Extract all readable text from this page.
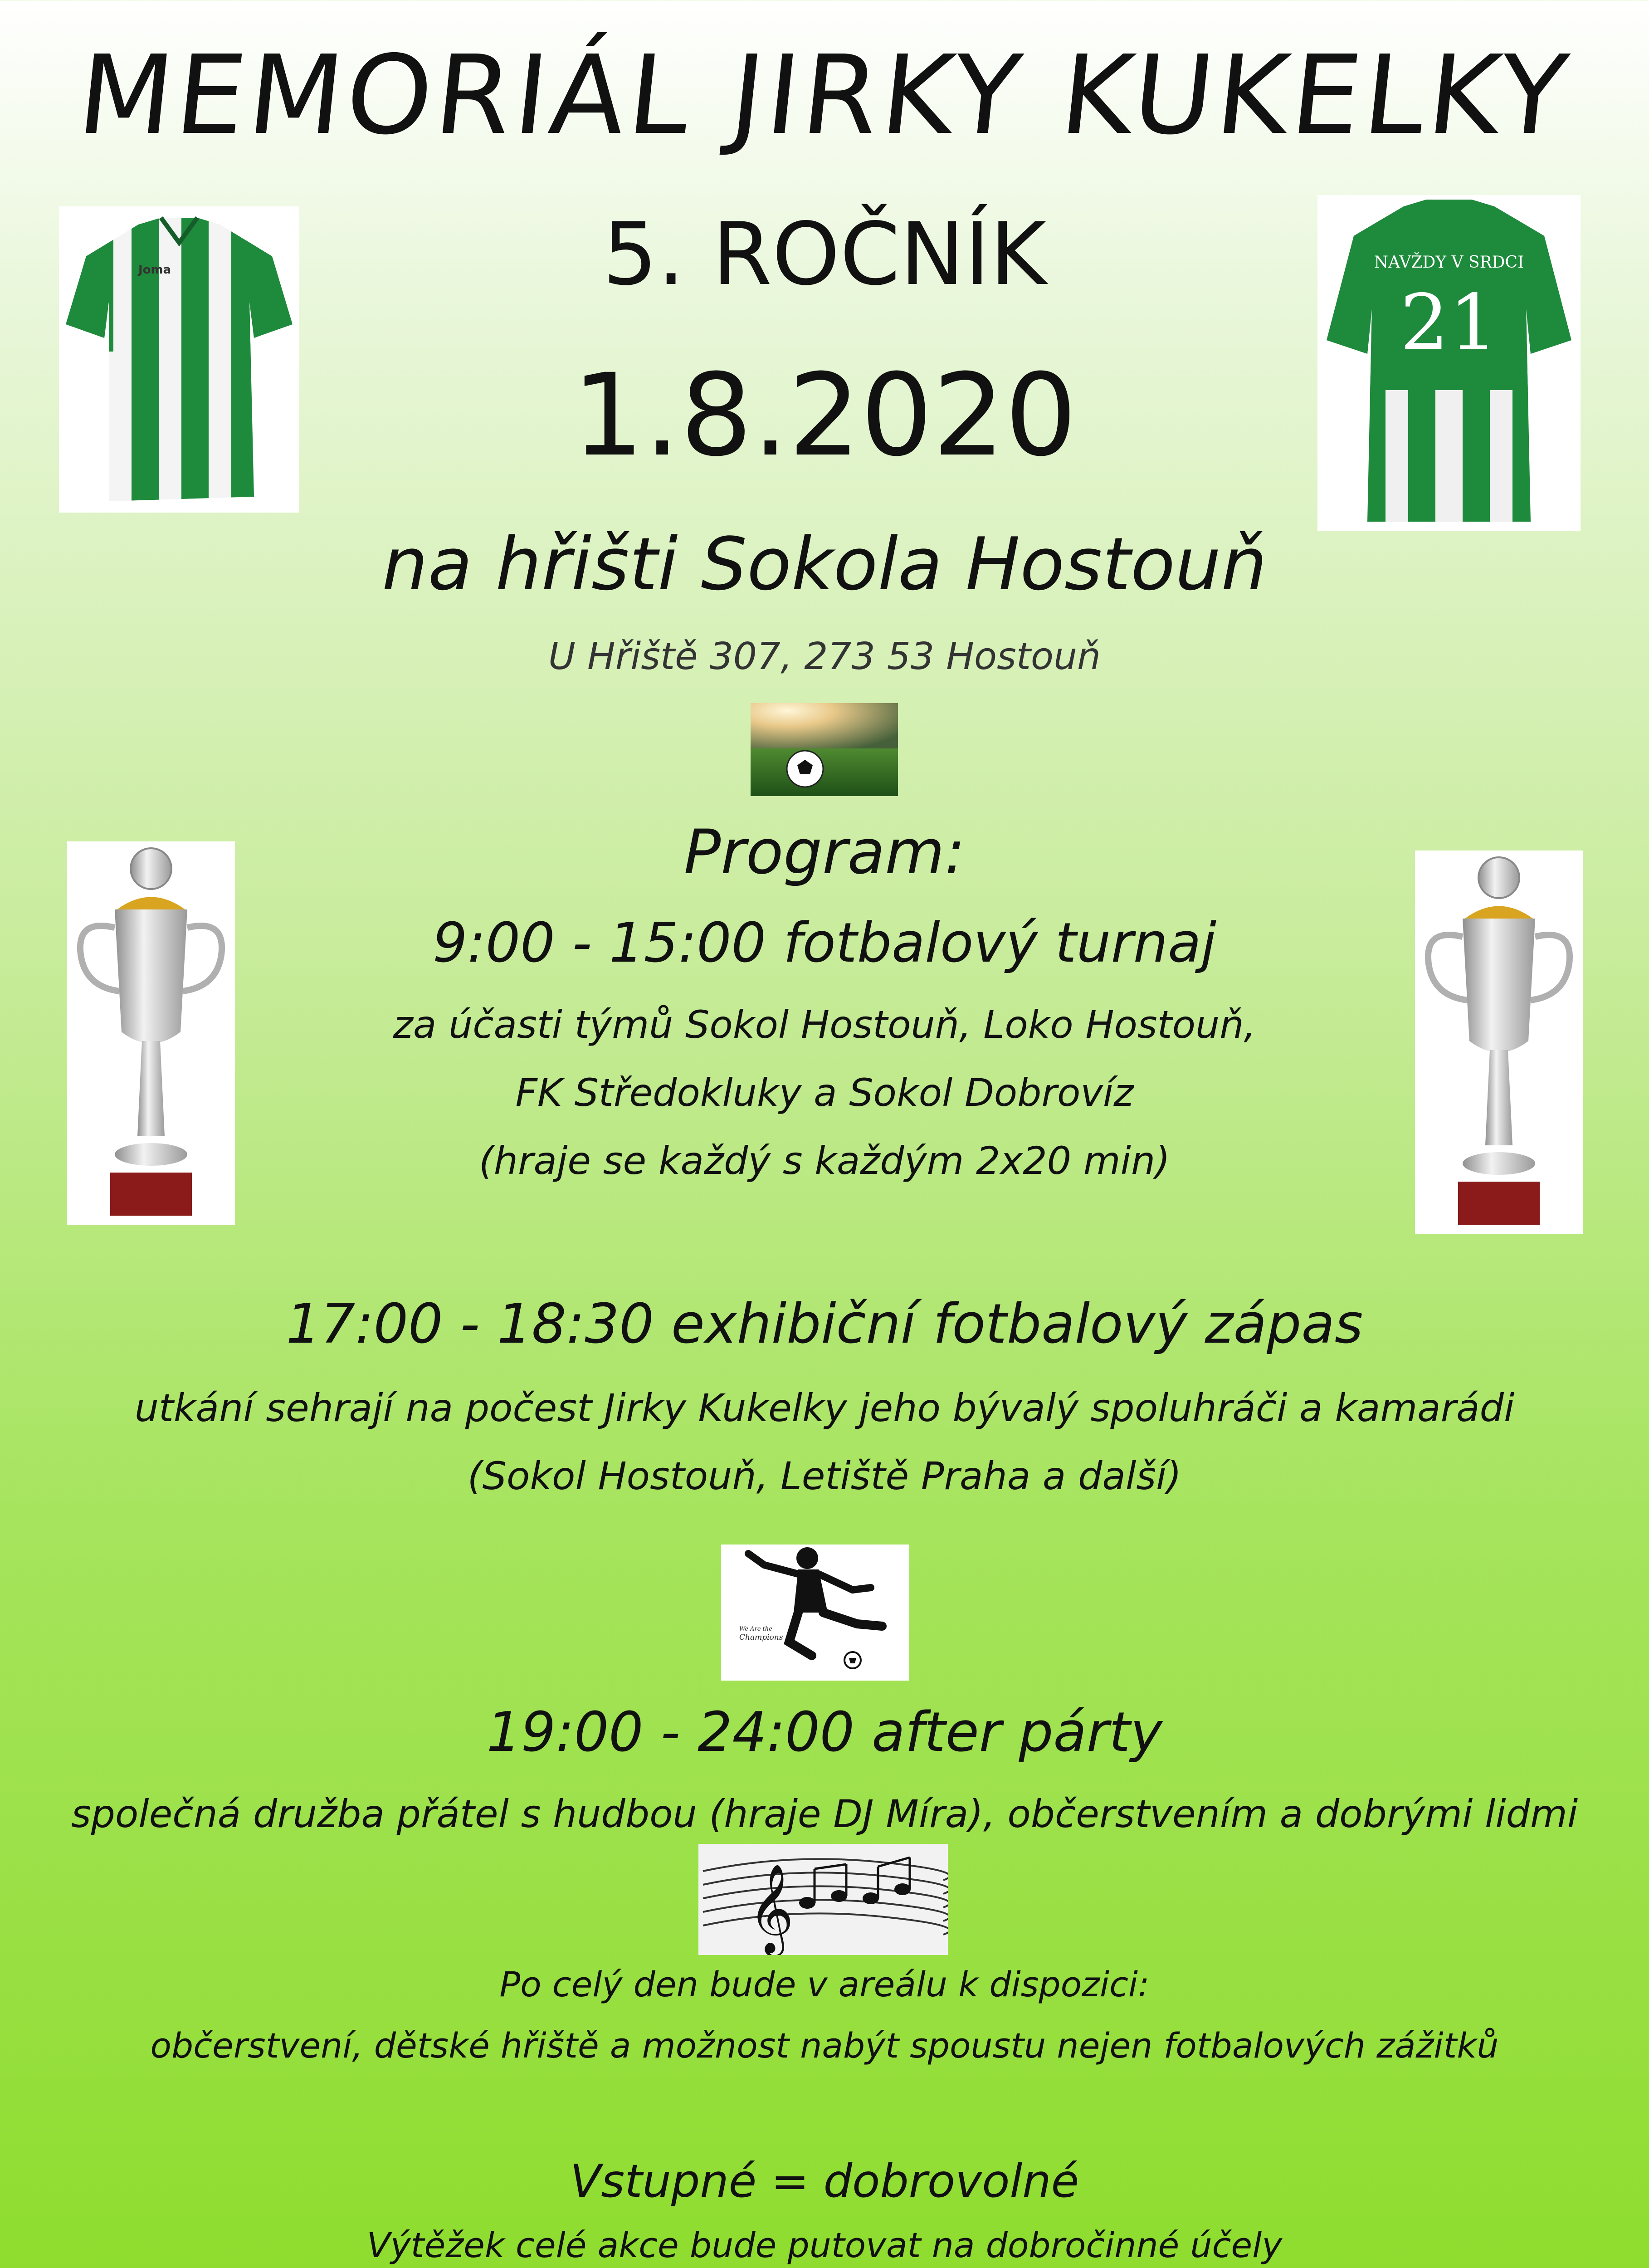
MEMORIÁL JIRKY KUKELKY
5. ROČNÍK
1.8.2020
na hřišti Sokola Hostouň
U Hřiště 307, 273 53 Hostouň
Program:
9:00 - 15:00 fotbalový turnaj
za účasti týmů Sokol Hostouň, Loko Hostouň,
FK Středokluky a Sokol Dobrovíz
(hraje se každý s každým 2x20 min)
17:00 - 18:30 exhibiční fotbalový zápas
utkání sehrají na počest Jirky Kukelky jeho bývalý spoluhráči a kamarádi
(Sokol Hostouň, Letiště Praha a další)
19:00 - 24:00 after párty
společná družba přátel s hudbou (hraje DJ Míra), občerstvením a dobrými lidmi
Po celý den bude v areálu k dispozici:
občerstvení, dětské hřiště a možnost nabýt spoustu nejen fotbalových zážitků
Vstupné = dobrovolné
Výtěžek celé akce bude putovat na dobročinné účely
Joma	NAVŽDY V SRDCI
21
We Are the
Champions
𝄞
